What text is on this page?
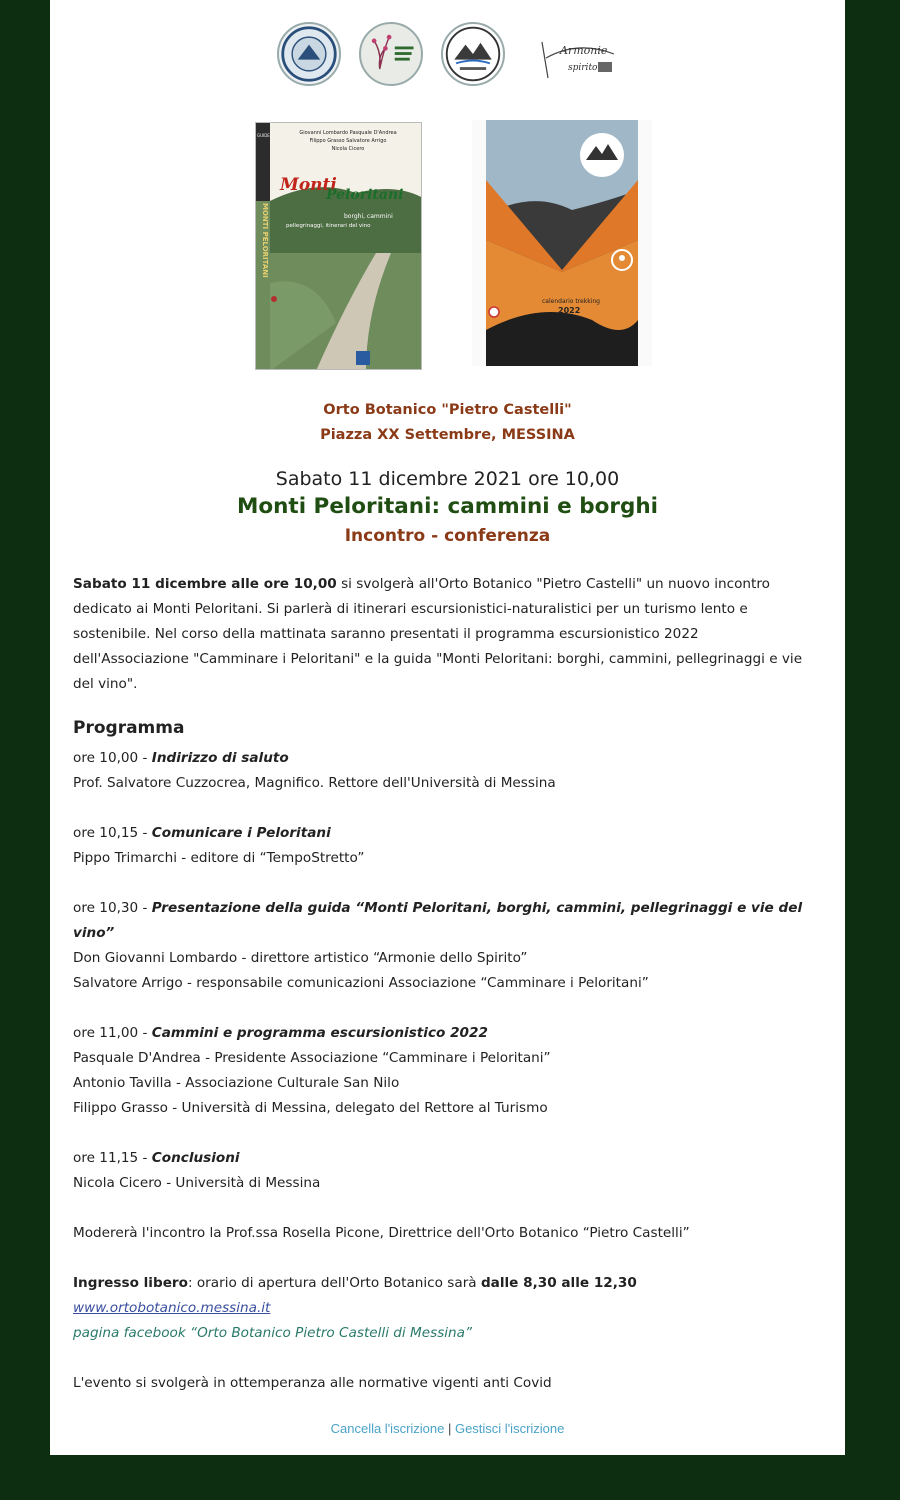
Armonie
spirito
Giovanni Lombardo Pasquale D'Andrea
Filippo Grasso Salvatore Arrigo
Nicola Cicero
GUIDE
MONTI PELORITANI
Monti
Peloritani
borghi, cammini
pellegrinaggi, itinerari del vino
calendario trekking
2022
Orto Botanico "Pietro Castelli"
Piazza XX Settembre, MESSINA
Sabato 11 dicembre 2021 ore 10,00
Monti Peloritani: cammini e borghi
Incontro - conferenza
Sabato 11 dicembre alle ore 10,00 si svolgerà all'Orto Botanico "Pietro Castelli" un nuovo incontro dedicato ai Monti Peloritani. Si parlerà di itinerari escursionistici-naturalistici per un turismo lento e sostenibile. Nel corso della mattinata saranno presentati il programma escursionistico 2022 dell'Associazione "Camminare i Peloritani" e la guida "Monti Peloritani: borghi, cammini, pellegrinaggi e vie del vino".
Programma
ore 10,00 - Indirizzo di saluto
Prof. Salvatore Cuzzocrea, Magnifico. Rettore dell'Università di Messina
ore 10,15 - Comunicare i Peloritani
Pippo Trimarchi - editore di “TempoStretto”
ore 10,30 - Presentazione della guida “Monti Peloritani, borghi, cammini, pellegrinaggi e vie del vino”
Don Giovanni Lombardo - direttore artistico “Armonie dello Spirito”
Salvatore Arrigo - responsabile comunicazioni Associazione “Camminare i Peloritani”
ore 11,00 - Cammini e programma escursionistico 2022
Pasquale D'Andrea - Presidente Associazione “Camminare i Peloritani”
Antonio Tavilla - Associazione Culturale San Nilo
Filippo Grasso - Università di Messina, delegato del Rettore al Turismo
ore 11,15 - Conclusioni
Nicola Cicero - Università di Messina
Modererà l'incontro la Prof.ssa Rosella Picone, Direttrice dell'Orto Botanico “Pietro Castelli”
Ingresso libero: orario di apertura dell'Orto Botanico sarà dalle 8,30 alle 12,30
www.ortobotanico.messina.it
pagina facebook “Orto Botanico Pietro Castelli di Messina”
L'evento si svolgerà in ottemperanza alle normative vigenti anti Covid
Cancella l'iscrizione | Gestisci l'iscrizione
